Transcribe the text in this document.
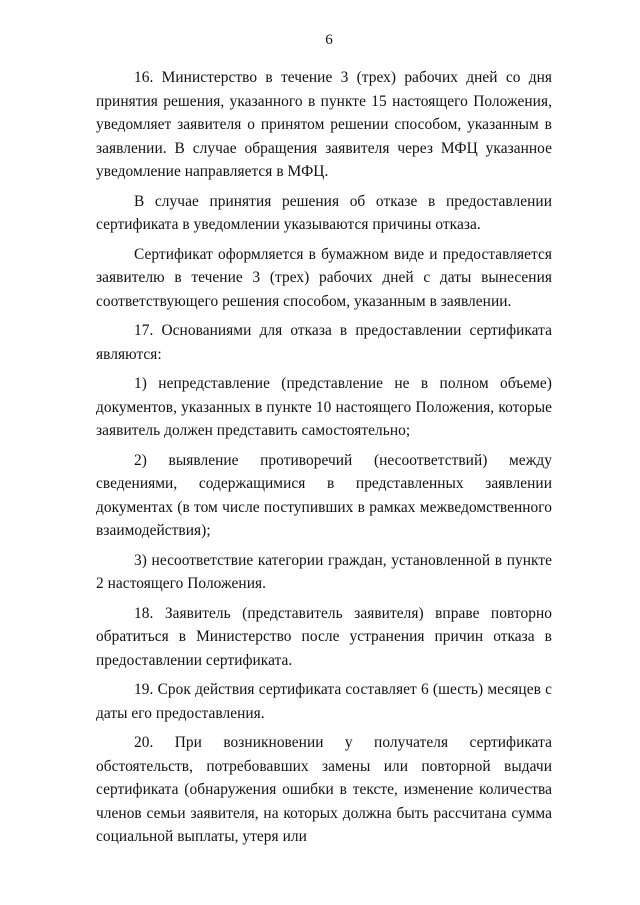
6

16. Министерство в течение 3 (трех) рабочих дней со дня принятия решения, указанного в пункте 15 настоящего Положения, уведомляет заявителя о принятом решении способом, указанным в заявлении. В случае обращения заявителя через МФЦ указанное уведомление направляется в МФЦ.

В случае принятия решения об отказе в предоставлении сертификата в уведомлении указываются причины отказа.

Сертификат оформляется в бумажном виде и предоставляется заявителю в течение 3 (трех) рабочих дней с даты вынесения соответствующего решения способом, указанным в заявлении.

17. Основаниями для отказа в предоставлении сертификата являются:

1) непредставление (представление не в полном объеме) документов, указанных в пункте 10 настоящего Положения, которые заявитель должен представить самостоятельно;

2) выявление противоречий (несоответствий) между сведениями, содержащимися в представленных заявлении документах (в том числе поступивших в рамках межведомственного взаимодействия);

3) несоответствие категории граждан, установленной в пункте 2 настоящего Положения.

18. Заявитель (представитель заявителя) вправе повторно обратиться в Министерство после устранения причин отказа в предоставлении сертификата.

19. Срок действия сертификата составляет 6 (шесть) месяцев с даты его предоставления.

20. При возникновении у получателя сертификата обстоятельств, потребовавших замены или повторной выдачи сертификата (обнаружения ошибки в тексте, изменение количества членов семьи заявителя, на которых должна быть рассчитана сумма социальной выплаты, утеря или
